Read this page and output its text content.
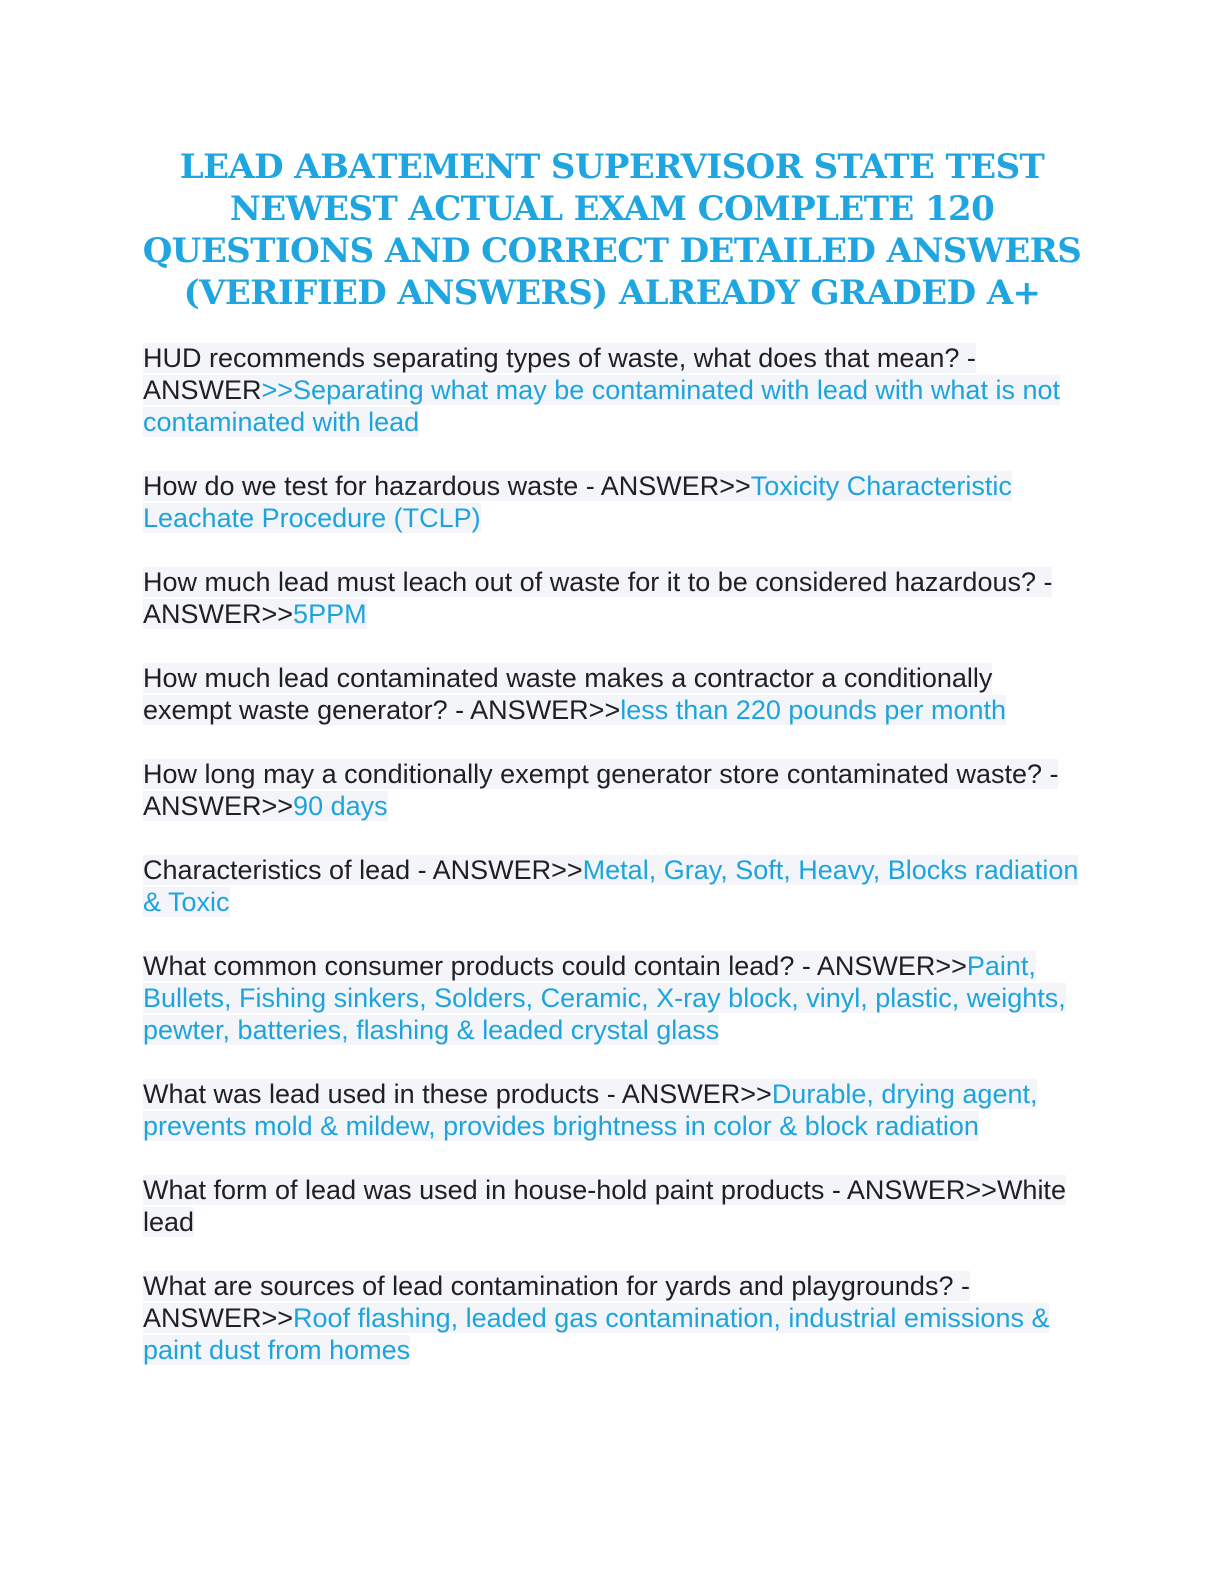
LEAD ABATEMENT SUPERVISOR STATE TEST
NEWEST ACTUAL EXAM COMPLETE 120
QUESTIONS AND CORRECT DETAILED ANSWERS
(VERIFIED ANSWERS) ALREADY GRADED A+

HUD recommends separating types of waste, what does that mean? - ANSWER>>Separating what may be contaminated with lead with what is not contaminated with lead

How do we test for hazardous waste - ANSWER>>Toxicity Characteristic Leachate Procedure (TCLP)

How much lead must leach out of waste for it to be considered hazardous? - ANSWER>>5PPM

How much lead contaminated waste makes a contractor a conditionally exempt waste generator? - ANSWER>>less than 220 pounds per month

How long may a conditionally exempt generator store contaminated waste? - ANSWER>>90 days

Characteristics of lead - ANSWER>>Metal, Gray, Soft, Heavy, Blocks radiation & Toxic

What common consumer products could contain lead? - ANSWER>>Paint, Bullets, Fishing sinkers, Solders, Ceramic, X-ray block, vinyl, plastic, weights, pewter, batteries, flashing & leaded crystal glass

What was lead used in these products - ANSWER>>Durable, drying agent, prevents mold & mildew, provides brightness in color & block radiation

What form of lead was used in house-hold paint products - ANSWER>>White lead

What are sources of lead contamination for yards and playgrounds? - ANSWER>>Roof flashing, leaded gas contamination, industrial emissions & paint dust from homes
